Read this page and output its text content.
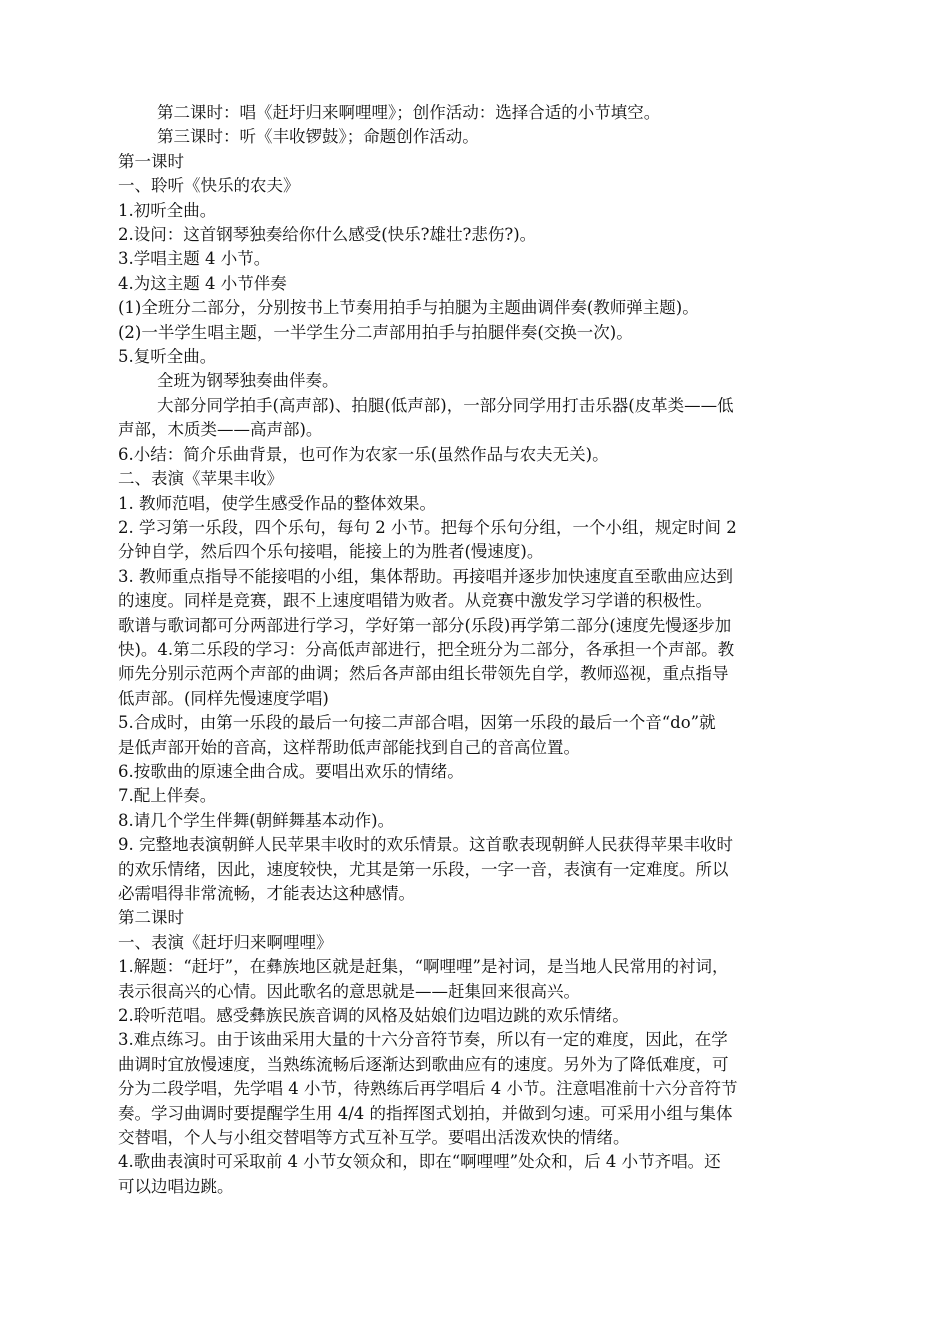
第二课时：唱《赶圩归来啊哩哩》；创作活动：选择合适的小节填空。
第三课时：听《丰收锣鼓》；命题创作活动。
第一课时
一、聆听《快乐的农夫》
1.初听全曲。
2.设问：这首钢琴独奏给你什么感受(快乐?雄壮?悲伤?)。
3.学唱主题 4 小节。
4.为这主题 4 小节伴奏
(1)全班分二部分，分别按书上节奏用拍手与拍腿为主题曲调伴奏(教师弹主题)。
(2)一半学生唱主题，一半学生分二声部用拍手与拍腿伴奏(交换一次)。
5.复听全曲。
全班为钢琴独奏曲伴奏。
大部分同学拍手(高声部)、拍腿(低声部)，一部分同学用打击乐器(皮革类——低
声部，木质类——高声部)。
6.小结：简介乐曲背景，也可作为农家一乐(虽然作品与农夫无关)。
二、表演《苹果丰收》
1. 教师范唱，使学生感受作品的整体效果。
2. 学习第一乐段，四个乐句，每句 2 小节。把每个乐句分组，一个小组，规定时间 2
分钟自学，然后四个乐句接唱，能接上的为胜者(慢速度)。
3. 教师重点指导不能接唱的小组，集体帮助。再接唱并逐步加快速度直至歌曲应达到
的速度。同样是竞赛，跟不上速度唱错为败者。从竞赛中激发学习学谱的积极性。
歌谱与歌词都可分两部进行学习，学好第一部分(乐段)再学第二部分(速度先慢逐步加
快)。4.第二乐段的学习：分高低声部进行，把全班分为二部分，各承担一个声部。教
师先分别示范两个声部的曲调；然后各声部由组长带领先自学，教师巡视，重点指导
低声部。(同样先慢速度学唱)
5.合成时，由第一乐段的最后一句接二声部合唱，因第一乐段的最后一个音“do”就
是低声部开始的音高，这样帮助低声部能找到自己的音高位置。
6.按歌曲的原速全曲合成。要唱出欢乐的情绪。
7.配上伴奏。
8.请几个学生伴舞(朝鲜舞基本动作)。
9. 完整地表演朝鲜人民苹果丰收时的欢乐情景。这首歌表现朝鲜人民获得苹果丰收时
的欢乐情绪，因此，速度较快，尤其是第一乐段，一字一音，表演有一定难度。所以
必需唱得非常流畅，才能表达这种感情。
第二课时
一、表演《赶圩归来啊哩哩》
1.解题：“赶圩”，在彝族地区就是赶集，“啊哩哩”是衬词，是当地人民常用的衬词，
表示很高兴的心情。因此歌名的意思就是——赶集回来很高兴。
2.聆听范唱。感受彝族民族音调的风格及姑娘们边唱边跳的欢乐情绪。
3.难点练习。由于该曲采用大量的十六分音符节奏，所以有一定的难度，因此，在学
曲调时宜放慢速度，当熟练流畅后逐渐达到歌曲应有的速度。另外为了降低难度，可
分为二段学唱，先学唱 4 小节，待熟练后再学唱后 4 小节。注意唱准前十六分音符节
奏。学习曲调时要提醒学生用 4/4 的指挥图式划拍，并做到匀速。可采用小组与集体
交替唱，个人与小组交替唱等方式互补互学。要唱出活泼欢快的情绪。
4.歌曲表演时可采取前 4 小节女领众和，即在“啊哩哩”处众和，后 4 小节齐唱。还
可以边唱边跳。
